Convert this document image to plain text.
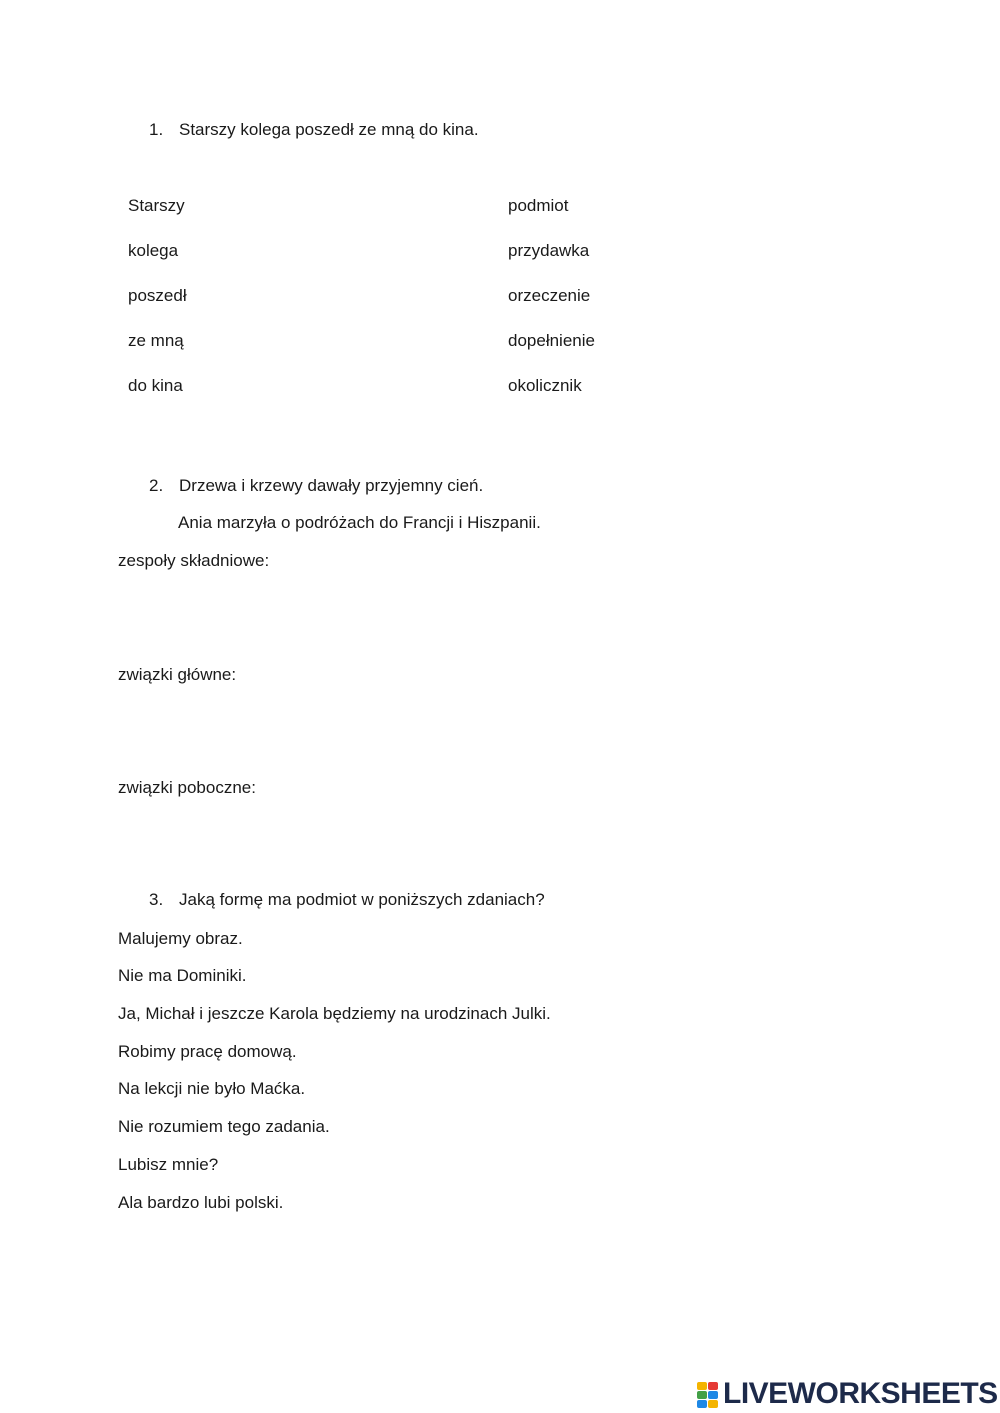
1. Starszy kolega poszedł ze mną do kina.
Starszy
kolega
poszedł
ze mną
do kina
podmiot
przydawka
orzeczenie
dopełnienie
okolicznik
2. Drzewa i krzewy dawały przyjemny cień.
Ania marzyła o podróżach do Francji i Hiszpanii.
zespoły składniowe:
związki główne:
związki poboczne:
3. Jaką formę ma podmiot w poniższych zdaniach?
Malujemy obraz.
Nie ma Dominiki.
Ja, Michał i jeszcze Karola będziemy na urodzinach Julki.
Robimy pracę domową.
Na lekcji nie było Maćka.
Nie rozumiem tego zadania.
Lubisz mnie?
Ala bardzo lubi polski.
LIVEWORKSHEETS
